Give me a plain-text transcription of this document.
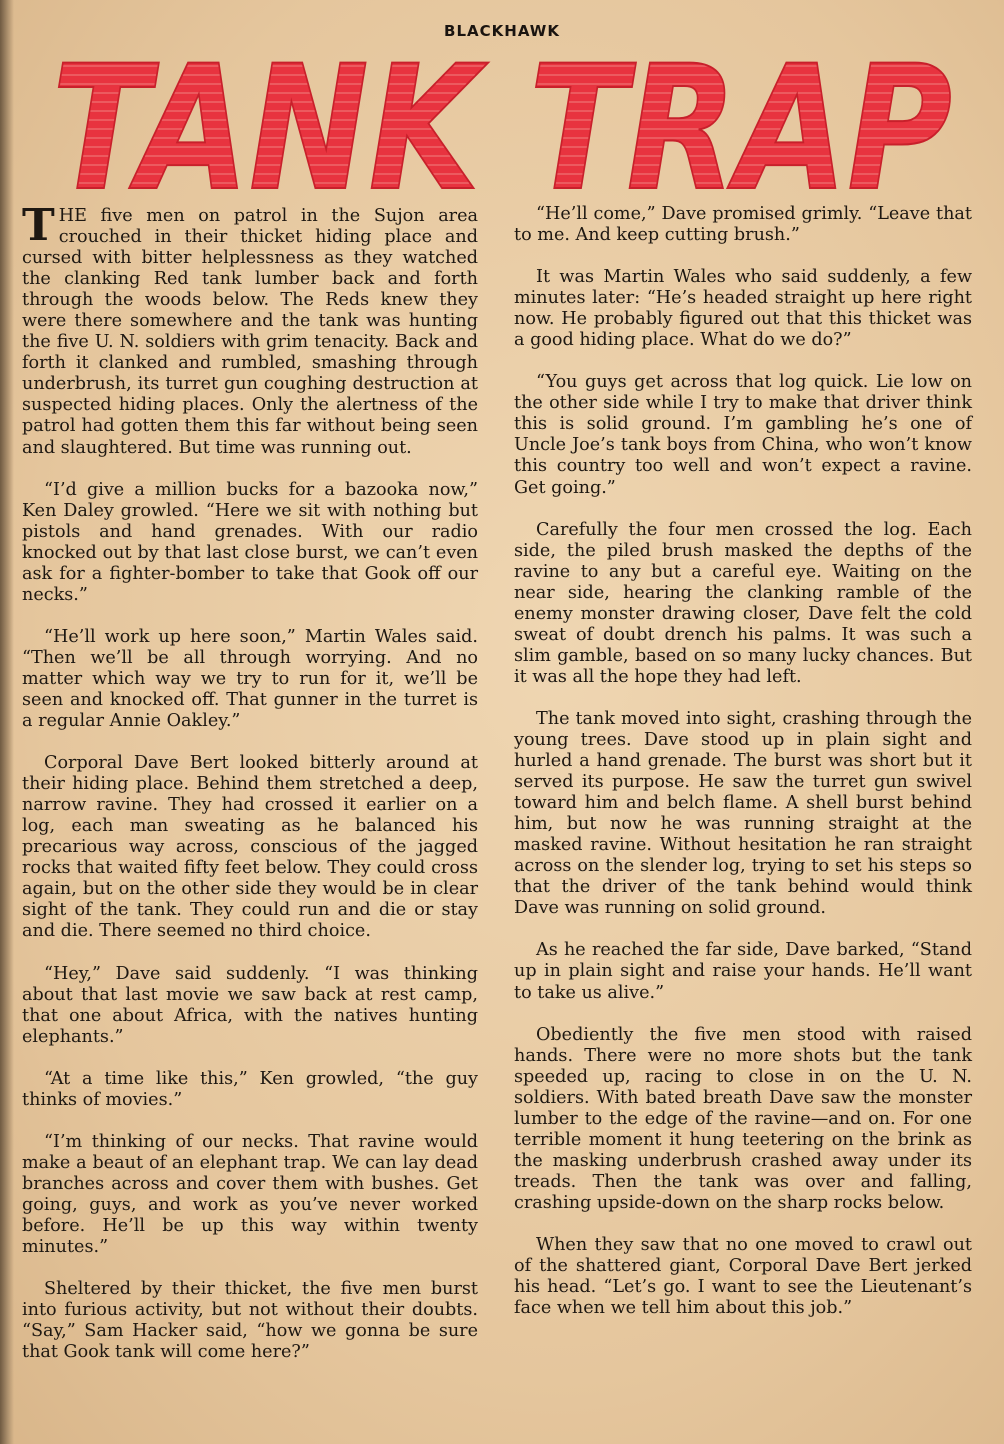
BLACKHAWK
TANK TRAP

THE five men on patrol in the Sujon area crouched in their thicket hiding place and cursed with bitter helplessness as they watched the clanking Red tank lumber back and forth through the woods below. The Reds knew they were there somewhere and the tank was hunting the five U. N. soldiers with grim tenacity. Back and forth it clanked and rumbled, smashing through underbrush, its turret gun coughing destruction at suspected hiding places. Only the alertness of the patrol had gotten them this far without being seen and slaughtered. But time was running out.

“I’d give a million bucks for a bazooka now,” Ken Daley growled. “Here we sit with nothing but pistols and hand grenades. With our radio knocked out by that last close burst, we can’t even ask for a fighter-bomber to take that Gook off our necks.”

“He’ll work up here soon,” Martin Wales said. “Then we’ll be all through worrying. And no matter which way we try to run for it, we’ll be seen and knocked off. That gunner in the turret is a regular Annie Oakley.”

Corporal Dave Bert looked bitterly around at their hiding place. Behind them stretched a deep, narrow ravine. They had crossed it earlier on a log, each man sweating as he balanced his precarious way across, conscious of the jagged rocks that waited fifty feet below. They could cross again, but on the other side they would be in clear sight of the tank. They could run and die or stay and die. There seemed no third choice.

“Hey,” Dave said suddenly. “I was thinking about that last movie we saw back at rest camp, that one about Africa, with the natives hunting elephants.”

“At a time like this,” Ken growled, “the guy thinks of movies.”

“I’m thinking of our necks. That ravine would make a beaut of an elephant trap. We can lay dead branches across and cover them with bushes. Get going, guys, and work as you’ve never worked before. He’ll be up this way within twenty minutes.”

Sheltered by their thicket, the five men burst into furious activity, but not without their doubts. “Say,” Sam Hacker said, “how we gonna be sure that Gook tank will come here?”

“He’ll come,” Dave promised grimly. “Leave that to me. And keep cutting brush.”

It was Martin Wales who said suddenly, a few minutes later: “He’s headed straight up here right now. He probably figured out that this thicket was a good hiding place. What do we do?”

“You guys get across that log quick. Lie low on the other side while I try to make that driver think this is solid ground. I’m gambling he’s one of Uncle Joe’s tank boys from China, who won’t know this country too well and won’t expect a ravine. Get going.”

Carefully the four men crossed the log. Each side, the piled brush masked the depths of the ravine to any but a careful eye. Waiting on the near side, hearing the clanking ramble of the enemy monster drawing closer, Dave felt the cold sweat of doubt drench his palms. It was such a slim gamble, based on so many lucky chances. But it was all the hope they had left.

The tank moved into sight, crashing through the young trees. Dave stood up in plain sight and hurled a hand grenade. The burst was short but it served its purpose. He saw the turret gun swivel toward him and belch flame. A shell burst behind him, but now he was running straight at the masked ravine. Without hesitation he ran straight across on the slender log, trying to set his steps so that the driver of the tank behind would think Dave was running on solid ground.

As he reached the far side, Dave barked, “Stand up in plain sight and raise your hands. He’ll want to take us alive.”

Obediently the five men stood with raised hands. There were no more shots but the tank speeded up, racing to close in on the U. N. soldiers. With bated breath Dave saw the monster lumber to the edge of the ravine—and on. For one terrible moment it hung teetering on the brink as the masking underbrush crashed away under its treads. Then the tank was over and falling, crashing upside-down on the sharp rocks below.

When they saw that no one moved to crawl out of the shattered giant, Corporal Dave Bert jerked his head. “Let’s go. I want to see the Lieutenant’s face when we tell him about this job.”
